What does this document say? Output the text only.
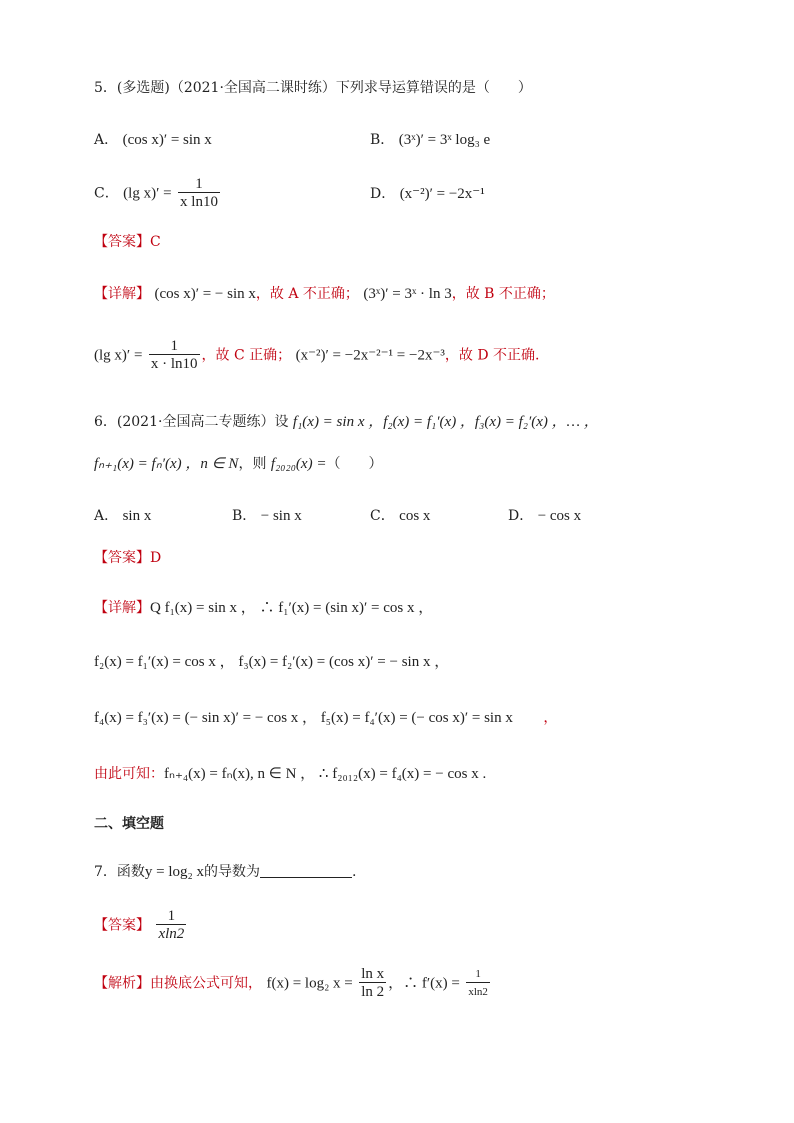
5．(多选题)（2021·全国高二课时练）下列求导运算错误的是（　　）
A． (cos x)′ = sin x	B． (3ˣ)′ = 3ˣ log₃ e
C． (lg $x)' = \frac{1}{\text{x ln10}}$	D． (x⁻²)′ = −2x⁻¹
【答案】C
【详解】 (cos x)′ = − sin x，故 A 不正确； (3ˣ)′ = 3ˣ · ln 3，故 B 不正确；
(lg $x)' = \frac{1}{x \cdot \ln 10}$ ，故 C 正确； (x⁻²)′ = −2x⁻²⁻¹ = −2x⁻³，故 D 不正确.
6．(2021·全国高二专题练）设 f₁(x) = sin x ，f₂(x) = f₁′(x) ，f₃(x) = f₂′(x) ，… ，
fₙ₊₁(x) = fₙ′(x) ，n ∈ N，则 f₂₀₂₀(x) =（　　）
A． sin x	B． − sin x	C． cos x	D． − cos x
【答案】D
【详解】Q f₁(x) = sin x ， ∴ f₁′(x) = (sin x)′ = cos x ，
f₂(x) = f₁′(x) = cos x ， f₃(x) = f₂′(x) = (cos x)′ = − sin x ，
f₄(x) = f₃′(x) = (− sin x)′ = − cos x ， f₅(x) = f₄′(x) = (− cos x)′ = sin x ，
由此可知：fₙ₊₄(x) = fₙ(x), n ∈ N ， ∴ f₂₀₁₂(x) = f₄(x) = − cos x .
二、填空题
7．函数y = log₂ x的导数为	.
【答案】 $\frac{1}{xln2}$
【解析】由换底公式可知， f(x) = log₂ $x = \frac{\text{ln x}}{\ln 2}$ ，∴ $f'(x) = \frac{1}{xln2}$
